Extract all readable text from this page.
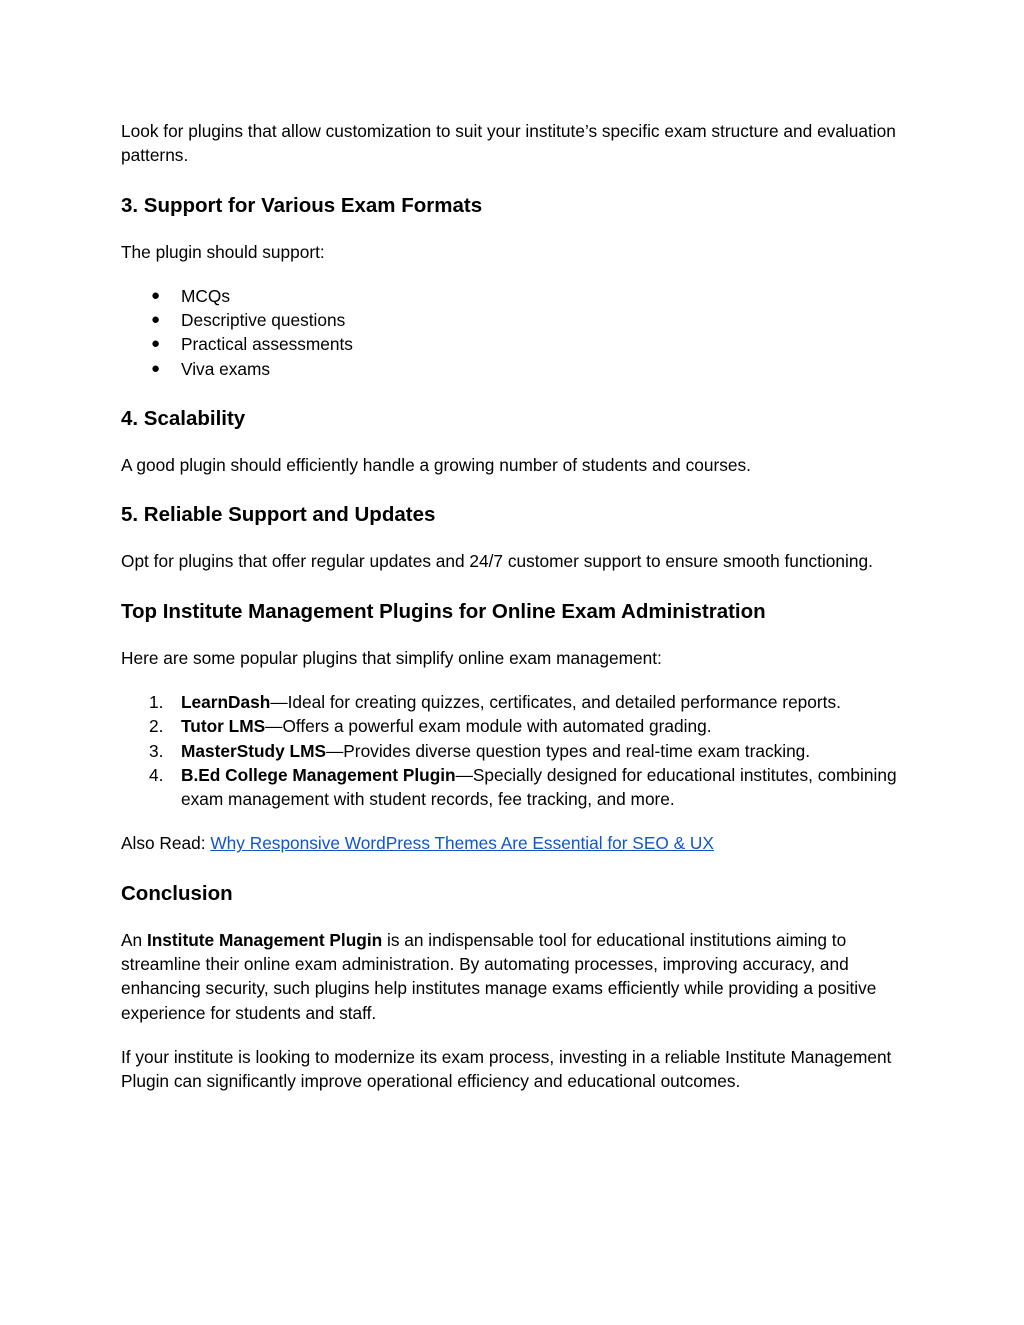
Look for plugins that allow customization to suit your institute’s specific exam structure and evaluation patterns.

3. Support for Various Exam Formats

The plugin should support:

●	MCQs
●	Descriptive questions
●	Practical assessments
●	Viva exams
4. Scalability

A good plugin should efficiently handle a growing number of students and courses.

5. Reliable Support and Updates

Opt for plugins that offer regular updates and 24/7 customer support to ensure smooth functioning.

Top Institute Management Plugins for Online Exam Administration

Here are some popular plugins that simplify online exam management:

1.	LearnDash—Ideal for creating quizzes, certificates, and detailed performance reports.
2.	Tutor LMS—Offers a powerful exam module with automated grading.
3.	MasterStudy LMS—Provides diverse question types and real-time exam tracking.
4.	B.Ed College Management Plugin—Specially designed for educational institutes, combining exam management with student records, fee tracking, and more.

Also Read: Why Responsive WordPress Themes Are Essential for SEO & UX

Conclusion

An Institute Management Plugin is an indispensable tool for educational institutions aiming to streamline their online exam administration. By automating processes, improving accuracy, and enhancing security, such plugins help institutes manage exams efficiently while providing a positive experience for students and staff.

If your institute is looking to modernize its exam process, investing in a reliable Institute Management Plugin can significantly improve operational efficiency and educational outcomes.
